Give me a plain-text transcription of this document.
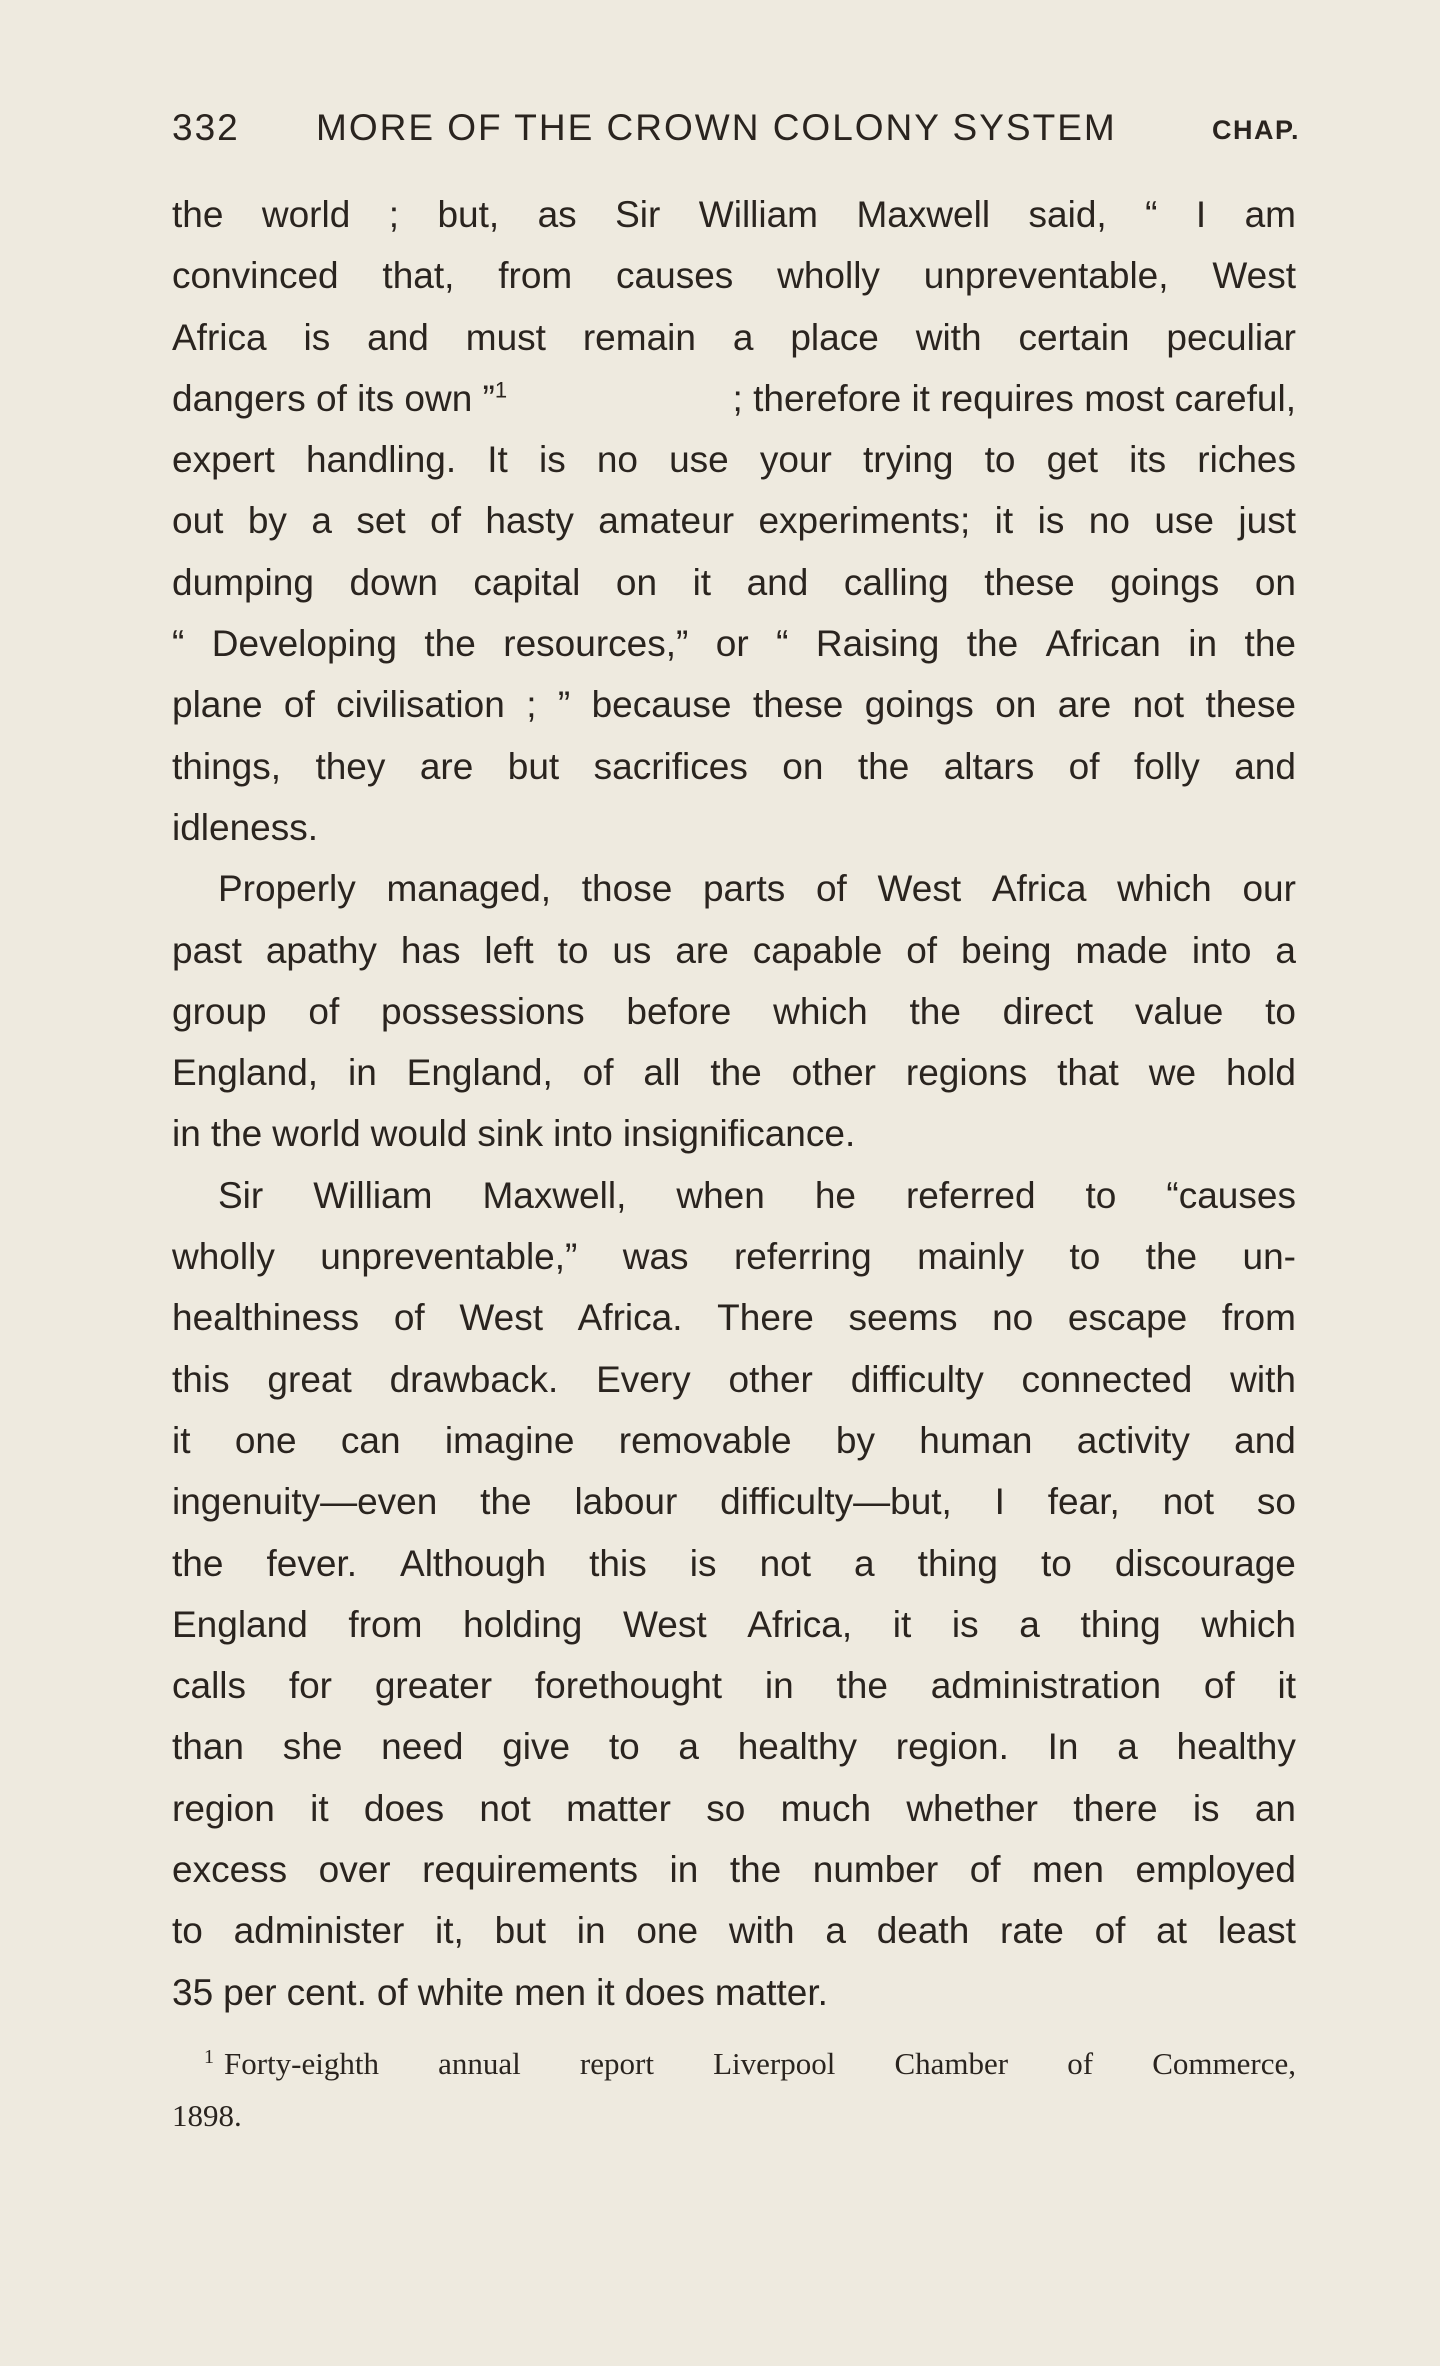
332 MORE OF THE CROWN COLONY SYSTEM	CHAP.
the world ; but, as Sir William Maxwell said, “ I am
convinced that, from causes wholly unpreventable, West
Africa is and must remain a place with certain peculiar
dangers of its own ”$^1$	; therefore it requires most careful,
expert handling. It is no use your trying to get its riches
out by a set of hasty amateur experiments; it is no use just
dumping down capital on it and calling these goings on
“ Developing the resources,” or “ Raising the African in the
plane of civilisation ; ” because these goings on are not these
things, they are but sacrifices on the altars of folly and
idleness.
Properly managed, those parts of West Africa which our
past apathy has left to us are capable of being made into a
group of possessions before which the direct value to
England, in England, of all the other regions that we hold
in the world would sink into insignificance.
Sir William Maxwell, when he referred to “causes
wholly unpreventable,” was referring mainly to the un-
healthiness of West Africa. There seems no escape from
this great drawback. Every other difficulty connected with
it one can imagine removable by human activity and
ingenuity—even the labour difficulty—but, I fear, not so
the fever. Although this is not a thing to discourage
England from holding West Africa, it is a thing which
calls for greater forethought in the administration of it
than she need give to a healthy region. In a healthy
region it does not matter so much whether there is an
excess over requirements in the number of men employed
to administer it, but in one with a death rate of at least
35 per cent. of white men it does matter.
$^1$ Forty-eighth annual report Liverpool Chamber of Commerce,
1898.
